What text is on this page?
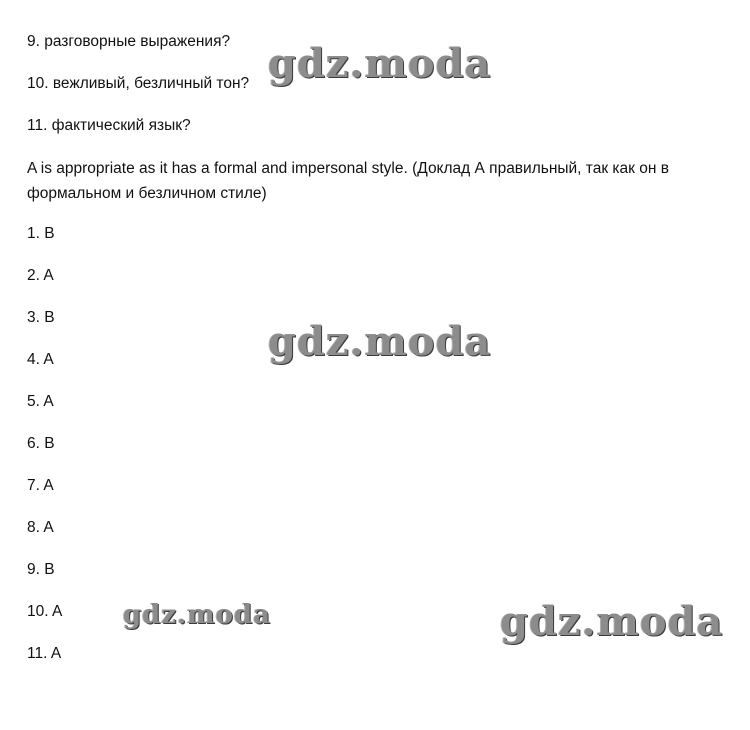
9. разговорные выражения?
10. вежливый, безличный тон?
11. фактический язык?
A is appropriate as it has a formal and impersonal style. (Доклад А правильный, так как он в формальном и безличном стиле)
1. B
2. A
3. B
4. A
5. A
6. B
7. A
8. A
9. B
10. A
11. A
gdz.moda
gdz.moda
gdz.moda	gdz.moda
